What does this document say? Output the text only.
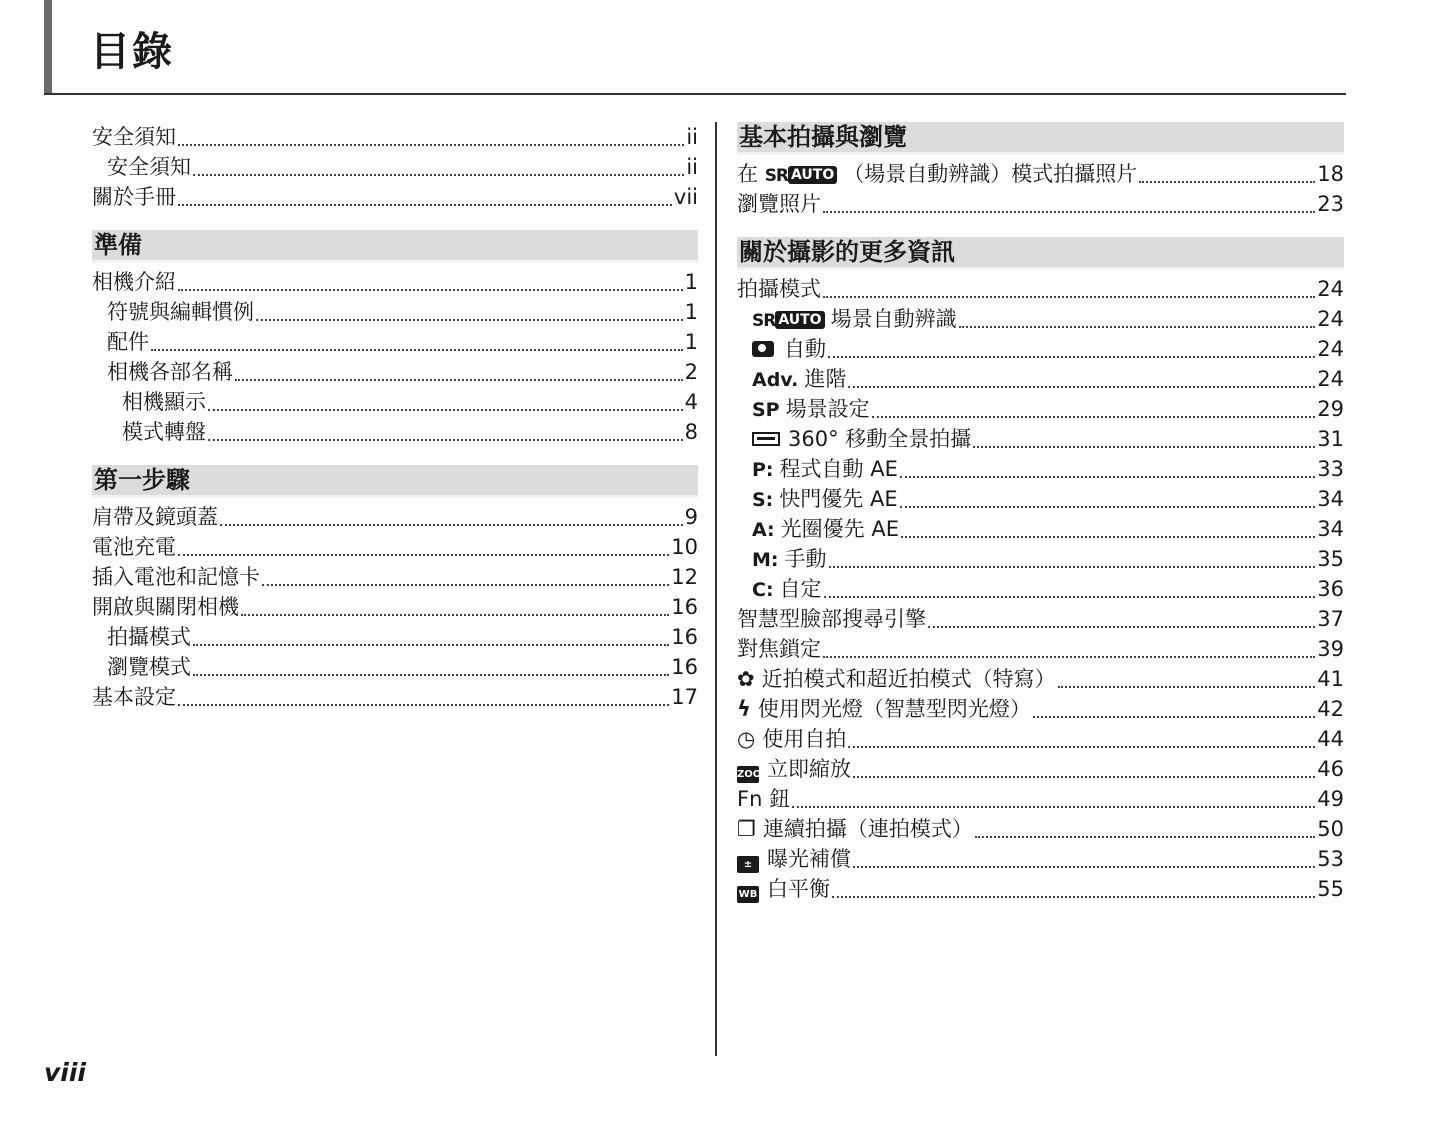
目錄
安全須知	ii
安全須知	ii
關於手冊	vii
準備
相機介紹	1
符號與編輯慣例	1
配件	1
相機各部名稱	2
相機顯示	4
模式轉盤	8
第一步驟
肩帶及鏡頭蓋	9
電池充電	10
插入電池和記憶卡	12
開啟與關閉相機	16
拍攝模式	16
瀏覽模式	16
基本設定	17
基本拍攝與瀏覽
在 SR AUTO （場景自動辨識）模式拍攝照片	18
瀏覽照片	23
關於攝影的更多資訊
拍攝模式	24
SR AUTO 場景自動辨識	24
自動	24
Adv. 進階	24
SP 場景設定	29
360° 移動全景拍攝	31
P: 程式自動 AE	33
S: 快門優先 AE	34
A: 光圈優先 AE	34
M: 手動	35
C: 自定	36
智慧型臉部搜尋引擎	37
對焦鎖定	39
✿ 近拍模式和超近拍模式（特寫）	41
ϟ 使用閃光燈（智慧型閃光燈）	42
◷ 使用自拍	44
ZOOM立即縮放	46
Fn 鈕	49
❐ 連續拍攝（連拍模式）	50
± 曝光補償	53
WB 白平衡	55
viii
